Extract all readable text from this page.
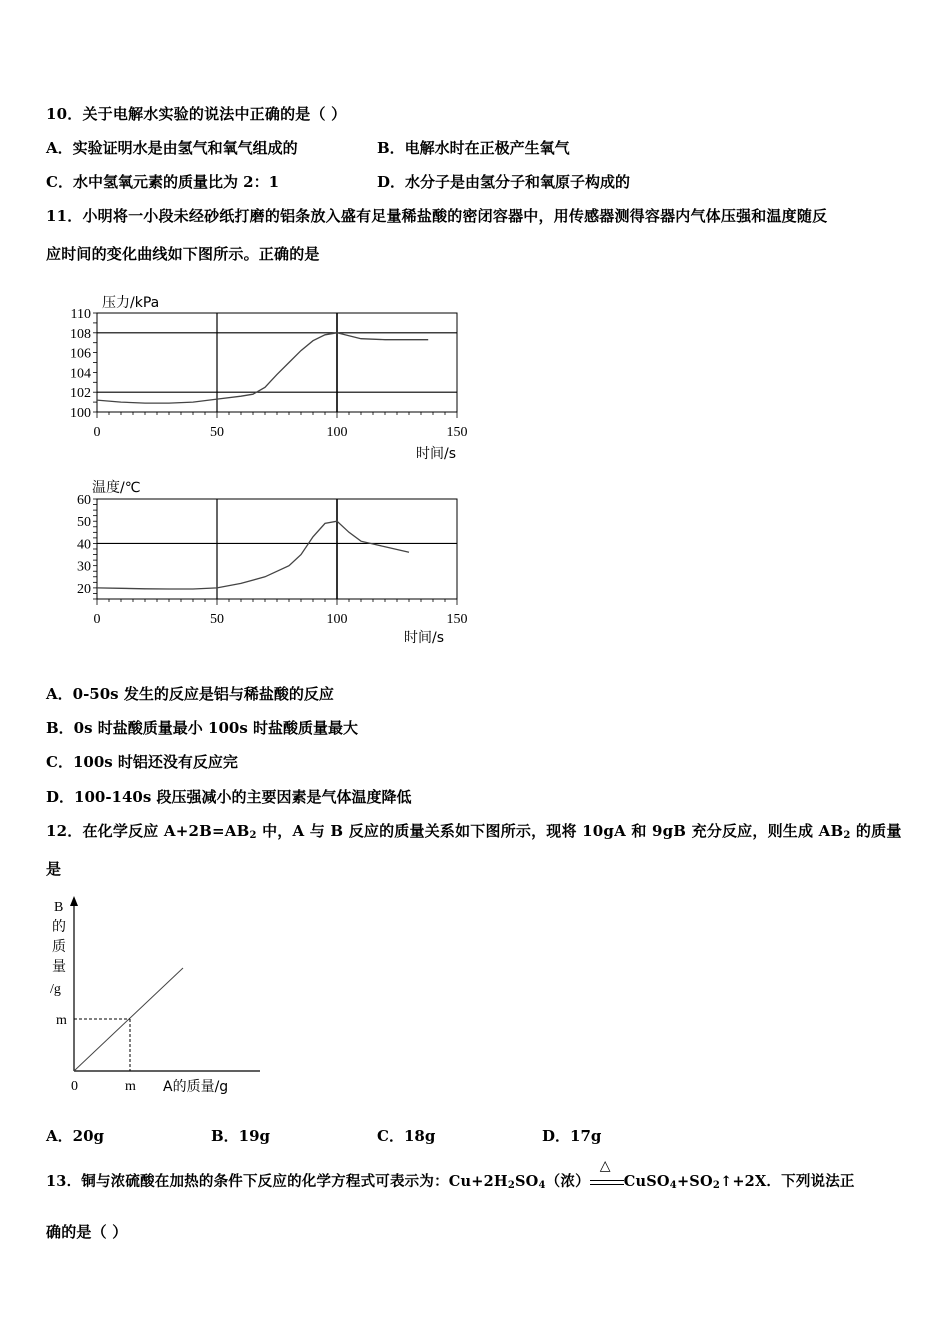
10．关于电解水实验的说法中正确的是（ ）
A．实验证明水是由氢气和氧气组成的	B．电解水时在正极产生氧气
C．水中氢氧元素的质量比为 2：1	D．水分子是由氢分子和氧原子构成的
11．小明将一小段未经砂纸打磨的铝条放入盛有足量稀盐酸的密闭容器中，用传感器测得容器内气体压强和温度随反
应时间的变化曲线如下图所示。正确的是
压力/kPa
0	50	100	150
100
102
104
106
108
110
时间/s
温度/℃
0	50	100	150
20
30
40
50
60
时间/s
A．0-50s 发生的反应是铝与稀盐酸的反应
B．0s 时盐酸质量最小 100s 时盐酸质量最大
C．100s 时铝还没有反应完
D．100-140s 段压强减小的主要因素是气体温度降低
12．在化学反应 $A+2B=AB_2$ 中，A 与 B 反应的质量关系如下图所示，现将 10gA 和 9gB 充分反应，则生成 $AB_2$ 的质量
是
B
的
质
量
/g
m
0	m A的质量/g
A．20g	B．19g	C．18g	D．17g
13．铜与浓硫酸在加热的条件下反应的化学方程式可表示为：$Cu+2H_2SO_4$（浓）
△
$CuSO_4+SO_2↑+2X$．下列说法正
确的是（ ）
